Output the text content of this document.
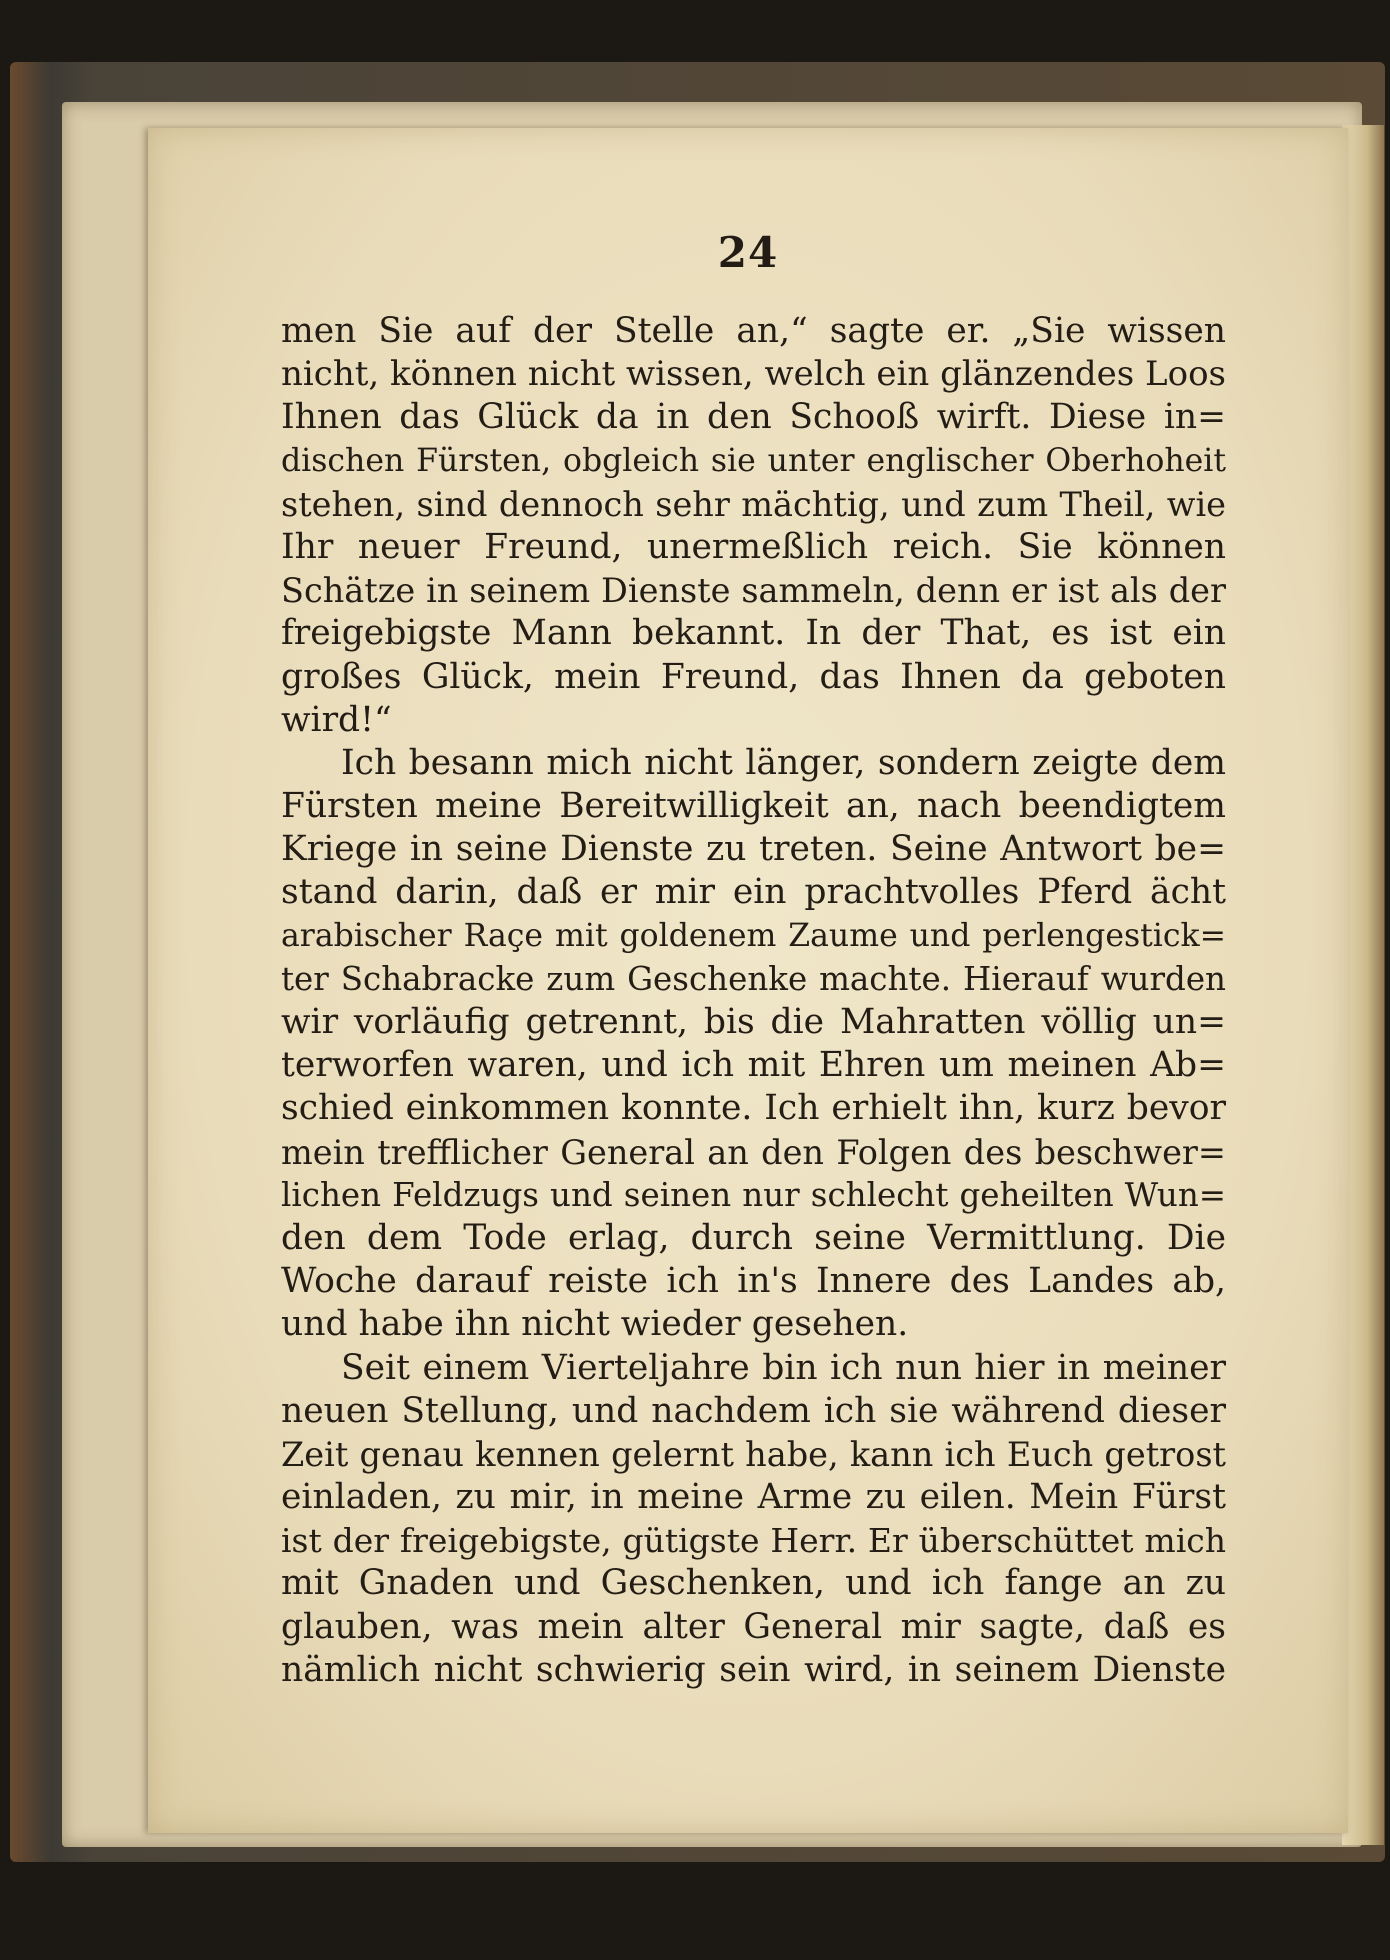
24
men Sie auf der Stelle an,“ sagte er. „Sie wissen
nicht, können nicht wissen, welch ein glänzendes Loos
Ihnen das Glück da in den Schooß wirft. Diese in=
dischen Fürsten, obgleich sie unter englischer Oberhoheit
stehen, sind dennoch sehr mächtig, und zum Theil, wie
Ihr neuer Freund, unermeßlich reich. Sie können
Schätze in seinem Dienste sammeln, denn er ist als der
freigebigste Mann bekannt. In der That, es ist ein
großes Glück, mein Freund, das Ihnen da geboten
wird!“
Ich besann mich nicht länger, sondern zeigte dem
Fürsten meine Bereitwilligkeit an, nach beendigtem
Kriege in seine Dienste zu treten. Seine Antwort be=
stand darin, daß er mir ein prachtvolles Pferd ächt
arabischer Raçe mit goldenem Zaume und perlengestick=
ter Schabracke zum Geschenke machte. Hierauf wurden
wir vorläufig getrennt, bis die Mahratten völlig un=
terworfen waren, und ich mit Ehren um meinen Ab=
schied einkommen konnte. Ich erhielt ihn, kurz bevor
mein trefflicher General an den Folgen des beschwer=
lichen Feldzugs und seinen nur schlecht geheilten Wun=
den dem Tode erlag, durch seine Vermittlung. Die
Woche darauf reiste ich in's Innere des Landes ab,
und habe ihn nicht wieder gesehen.
Seit einem Vierteljahre bin ich nun hier in meiner
neuen Stellung, und nachdem ich sie während dieser
Zeit genau kennen gelernt habe, kann ich Euch getrost
einladen, zu mir, in meine Arme zu eilen. Mein Fürst
ist der freigebigste, gütigste Herr. Er überschüttet mich
mit Gnaden und Geschenken, und ich fange an zu
glauben, was mein alter General mir sagte, daß es
nämlich nicht schwierig sein wird, in seinem Dienste
